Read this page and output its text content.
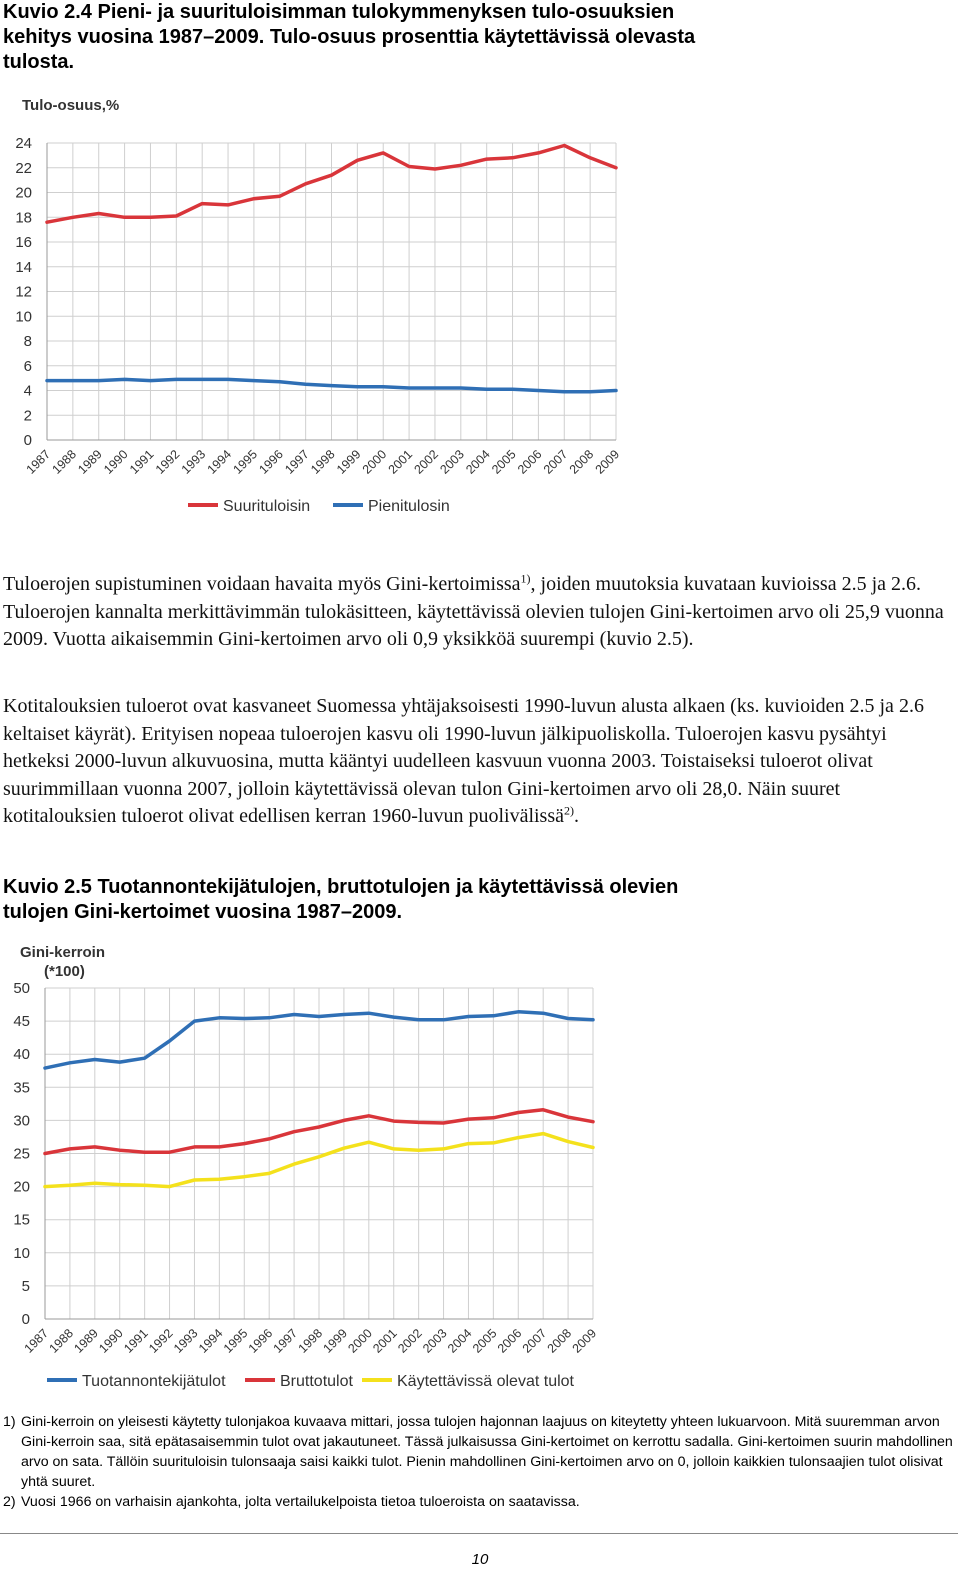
Kuvio 2.4 Pieni- ja suurituloisimman tulokymmenyksen tulo-osuuksien kehitys vuosina 1987–2009. Tulo-osuus prosenttia käytettävissä olevasta tulosta.
Tulo-osuus,%
0
2
4
6
8
10
12
14
16
18
20
22
24
1987
1988
1989
1990
1991
1992
1993
1994
1995
1996
1997
1998
1999
2000
2001
2002
2003
2004
2005
2006
2007
2008
2009
Suurituloisin	Pienitulosin

Tuloerojen supistuminen voidaan havaita myös Gini-kertoimissa$^{1)}$, joiden muutoksia kuvataan kuvioissa 2.5 ja 2.6. Tuloerojen kannalta merkittävimmän tulokäsitteen, käytettävissä olevien tulojen Gini-kertoimen arvo oli 25,9 vuonna 2009. Vuotta aikaisemmin Gini-kertoimen arvo oli 0,9 yksikköä suurempi (kuvio 2.5).

Kotitalouksien tuloerot ovat kasvaneet Suomessa yhtäjaksoisesti 1990-luvun alusta alkaen (ks. kuvioiden 2.5 ja 2.6 keltaiset käyrät). Erityisen nopeaa tuloerojen kasvu oli 1990-luvun jälkipuoliskolla. Tuloerojen kasvu pysähtyi hetkeksi 2000-luvun alkuvuosina, mutta kääntyi uudelleen kasvuun vuonna 2003. Toistaiseksi tuloerot olivat suurimmillaan vuonna 2007, jolloin käytettävissä olevan tulon Gini-kertoimen arvo oli 28,0. Näin suuret kotitalouksien tuloerot olivat edellisen kerran 1960-luvun puolivälissä$^{2)}$.

Kuvio 2.5 Tuotannontekijätulojen, bruttotulojen ja käytettävissä olevien tulojen Gini-kertoimet vuosina 1987–2009.
Gini-kerroin (*100)
0
5
10
15
20
25
30
35
40
45
50
1987
1988
1989
1990
1991
1992
1993
1994
1995
1996
1997
1998
1999
2000
2001
2002
2003
2004
2005
2006
2007
2008
2009
Tuotannontekijätulot	Bruttotulot	Käytettävissä olevat tulot
1) Gini-kerroin on yleisesti käytetty tulonjakoa kuvaava mittari, jossa tulojen hajonnan laajuus on kiteytetty yhteen lukuarvoon. Mitä suuremman arvon Gini-kerroin saa, sitä epätasaisemmin tulot ovat jakautuneet. Tässä julkaisussa Gini-kertoimet on kerrottu sadalla. Gini-kertoimen suurin mahdollinen arvo on sata. Tällöin suurituloisin tulonsaaja saisi kaikki tulot. Pienin mahdollinen Gini-kertoimen arvo on 0, jolloin kaikkien tulonsaajien tulot olisivat yhtä suuret.
2) Vuosi 1966 on varhaisin ajankohta, jolta vertailukelpoista tietoa tuloeroista on saatavissa.
10
